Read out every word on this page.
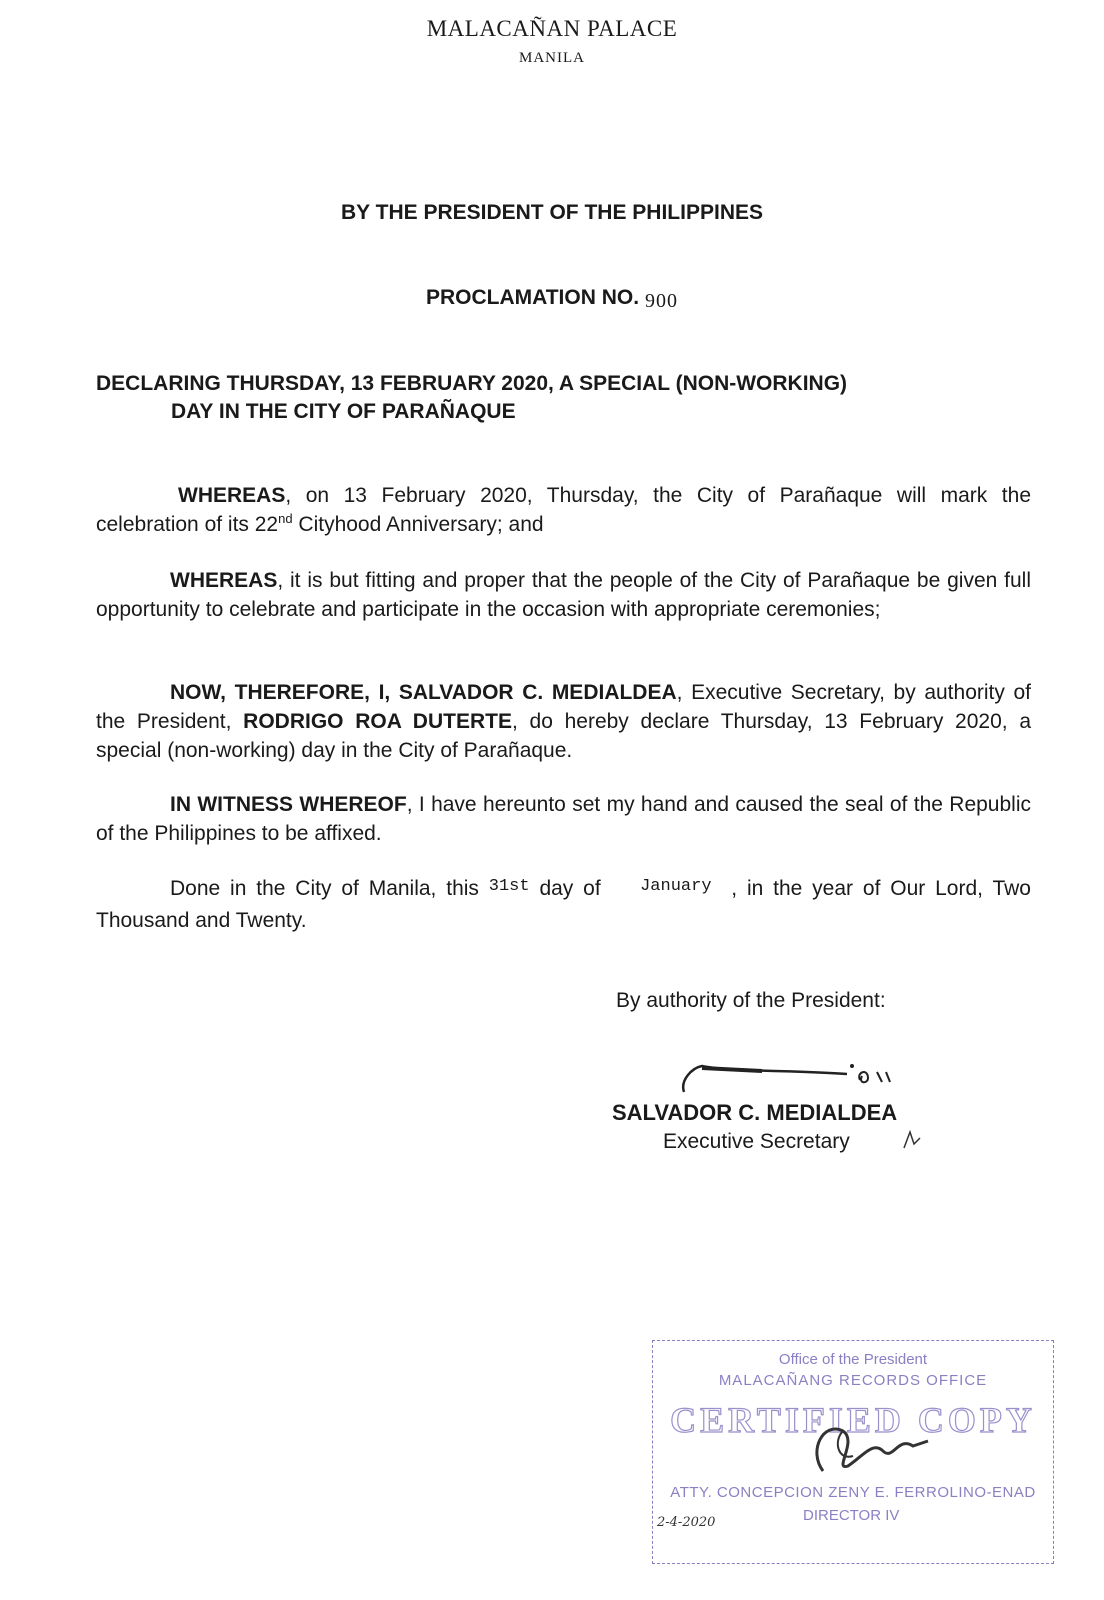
MALACAÑAN PALACE
MANILA
BY THE PRESIDENT OF THE PHILIPPINES
PROCLAMATION NO. 900
DECLARING THURSDAY, 13 FEBRUARY 2020, A SPECIAL (NON-WORKING)
DAY IN THE CITY OF PARAÑAQUE
WHEREAS, on 13 February 2020, Thursday, the City of Parañaque will mark the celebration of its 22nd Cityhood Anniversary; and
WHEREAS, it is but fitting and proper that the people of the City of Parañaque be given full opportunity to celebrate and participate in the occasion with appropriate ceremonies;
NOW, THEREFORE, I, SALVADOR C. MEDIALDEA, Executive Secretary, by authority of the President, RODRIGO ROA DUTERTE, do hereby declare Thursday, 13 February 2020, a special (non-working) day in the City of Parañaque.
IN WITNESS WHEREOF, I have hereunto set my hand and caused the seal of the Republic of the Philippines to be affixed.
Done in the City of Manila, this $^{31st}$ day of    $^{January}$ , in the year of Our Lord, Two Thousand and Twenty.
By authority of the President:
SALVADOR C. MEDIALDEA
Executive Secretary
Office of the President
MALACAÑANG RECORDS OFFICE
CERTIFIED COPY
ATTY. CONCEPCION ZENY E. FERROLINO-ENAD
DIRECTOR IV
2-4-2020
